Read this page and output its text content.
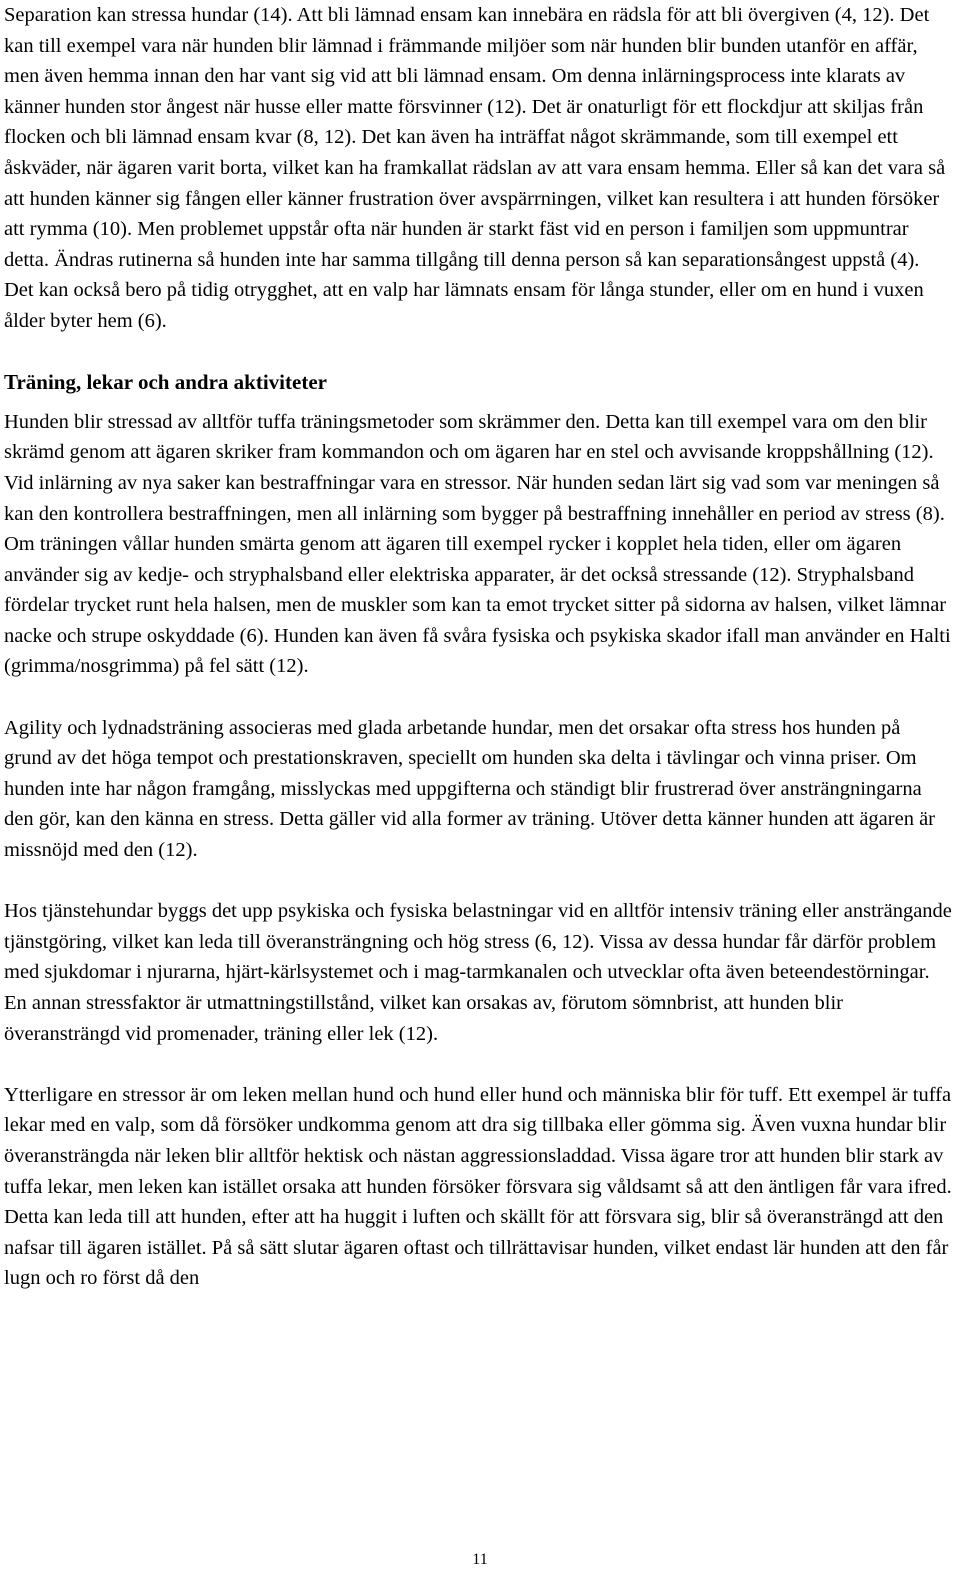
Separation kan stressa hundar (14). Att bli lämnad ensam kan innebära en rädsla för att bli övergiven (4, 12). Det kan till exempel vara när hunden blir lämnad i främmande miljöer som när hunden blir bunden utanför en affär, men även hemma innan den har vant sig vid att bli lämnad ensam. Om denna inlärningsprocess inte klarats av känner hunden stor ångest när husse eller matte försvinner (12). Det är onaturligt för ett flockdjur att skiljas från flocken och bli lämnad ensam kvar (8, 12). Det kan även ha inträffat något skrämmande, som till exempel ett åskväder, när ägaren varit borta, vilket kan ha framkallat rädslan av att vara ensam hemma. Eller så kan det vara så att hunden känner sig fången eller känner frustration över avspärrningen, vilket kan resultera i att hunden försöker att rymma (10). Men problemet uppstår ofta när hunden är starkt fäst vid en person i familjen som uppmuntrar detta. Ändras rutinerna så hunden inte har samma tillgång till denna person så kan separationsångest uppstå (4). Det kan också bero på tidig otrygghet, att en valp har lämnats ensam för långa stunder, eller om en hund i vuxen ålder byter hem (6).

Träning, lekar och andra aktiviteter

Hunden blir stressad av alltför tuffa träningsmetoder som skrämmer den. Detta kan till exempel vara om den blir skrämd genom att ägaren skriker fram kommandon och om ägaren har en stel och avvisande kroppshållning (12). Vid inlärning av nya saker kan bestraffningar vara en stressor. När hunden sedan lärt sig vad som var meningen så kan den kontrollera bestraffningen, men all inlärning som bygger på bestraffning innehåller en period av stress (8). Om träningen vållar hunden smärta genom att ägaren till exempel rycker i kopplet hela tiden, eller om ägaren använder sig av kedje- och stryphalsband eller elektriska apparater, är det också stressande (12). Stryphalsband fördelar trycket runt hela halsen, men de muskler som kan ta emot trycket sitter på sidorna av halsen, vilket lämnar nacke och strupe oskyddade (6). Hunden kan även få svåra fysiska och psykiska skador ifall man använder en Halti (grimma/nosgrimma) på fel sätt (12).

Agility och lydnadsträning associeras med glada arbetande hundar, men det orsakar ofta stress hos hunden på grund av det höga tempot och prestationskraven, speciellt om hunden ska delta i tävlingar och vinna priser. Om hunden inte har någon framgång, misslyckas med uppgifterna och ständigt blir frustrerad över ansträngningarna den gör, kan den känna en stress. Detta gäller vid alla former av träning. Utöver detta känner hunden att ägaren är missnöjd med den (12).

Hos tjänstehundar byggs det upp psykiska och fysiska belastningar vid en alltför intensiv träning eller ansträngande tjänstgöring, vilket kan leda till överansträngning och hög stress (6, 12). Vissa av dessa hundar får därför problem med sjukdomar i njurarna, hjärt-kärlsystemet och i mag-tarmkanalen och utvecklar ofta även beteendestörningar. En annan stressfaktor är utmattningstillstånd, vilket kan orsakas av, förutom sömnbrist, att hunden blir överansträngd vid promenader, träning eller lek (12).

Ytterligare en stressor är om leken mellan hund och hund eller hund och människa blir för tuff. Ett exempel är tuffa lekar med en valp, som då försöker undkomma genom att dra sig tillbaka eller gömma sig. Även vuxna hundar blir överansträngda när leken blir alltför hektisk och nästan aggressionsladdad. Vissa ägare tror att hunden blir stark av tuffa lekar, men leken kan istället orsaka att hunden försöker försvara sig våldsamt så att den äntligen får vara ifred. Detta kan leda till att hunden, efter att ha huggit i luften och skällt för att försvara sig, blir så överansträngd att den nafsar till ägaren istället. På så sätt slutar ägaren oftast och tillrättavisar hunden, vilket endast lär hunden att den får lugn och ro först då den

11
